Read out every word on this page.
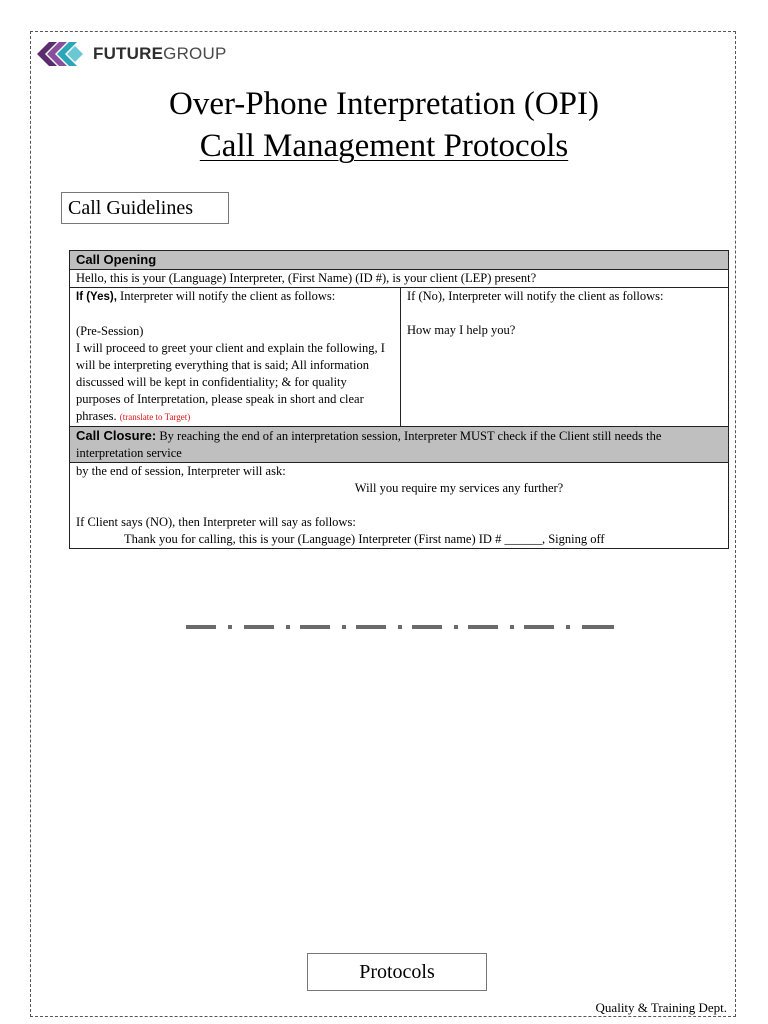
FUTUREGROUP
Over-Phone Interpretation (OPI)
Call Management Protocols
Call Guidelines
Call Opening
Hello, this is your (Language) Interpreter, (First Name) (ID #), is your client (LEP) present?

If (Yes), Interpreter will notify the client as follows:
(Pre-Session)
I will proceed to greet your client and explain the following, I will be interpreting everything that is said; All information discussed will be kept in confidentiality; & for quality purposes of Interpretation, please speak in short and clear phrases. (translate to Target)

If (No), Interpreter will notify the client as follows:
How may I help you?

Call Closure: By reaching the end of an interpretation session, Interpreter MUST check if the Client still needs the interpretation service

by the end of session, Interpreter will ask:
Will you require my services any further?
If Client says (NO), then Interpreter will say as follows:
Thank you for calling, this is your (Language) Interpreter (First name) ID # ______, Signing off
Protocols
Quality & Training Dept.
